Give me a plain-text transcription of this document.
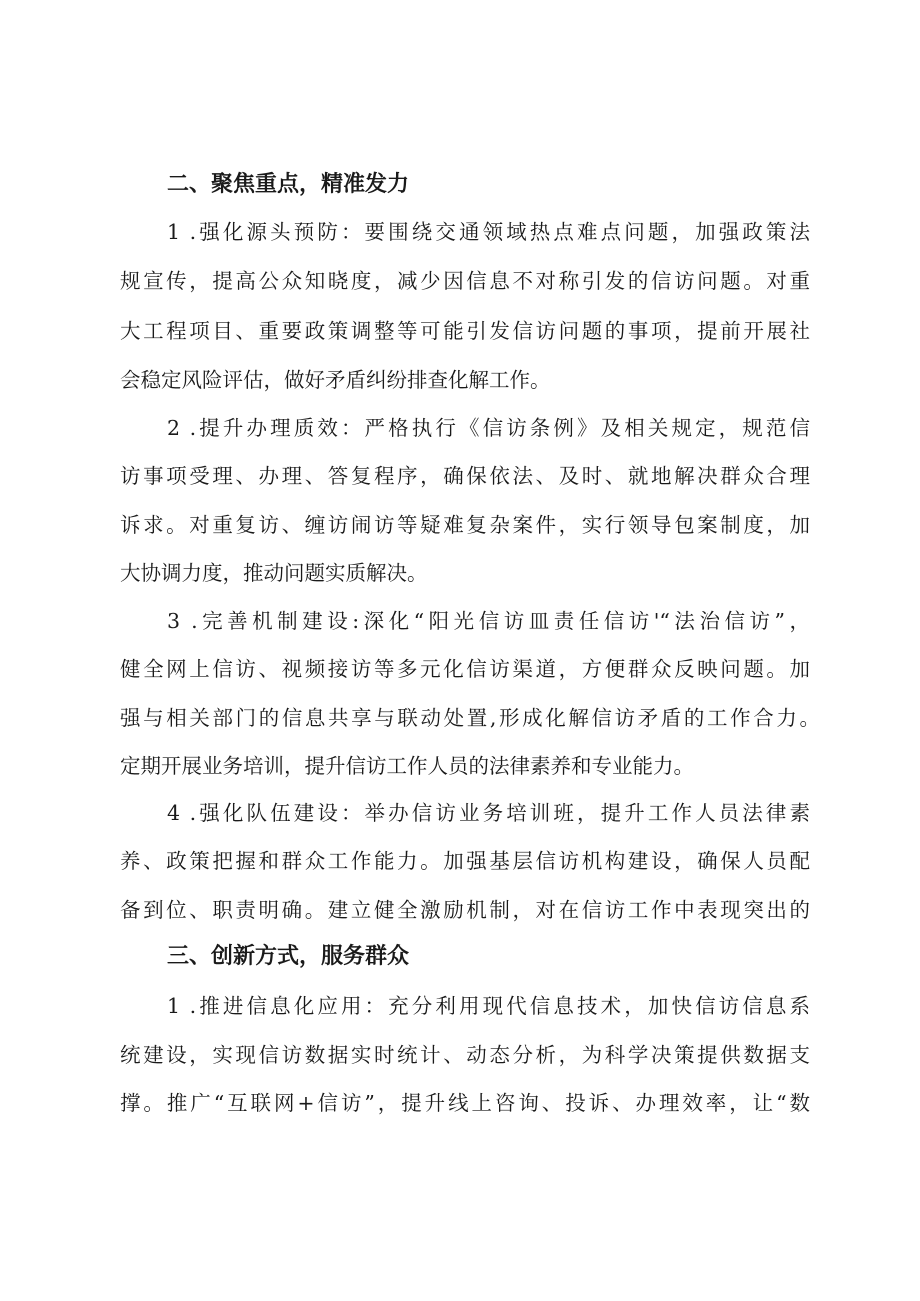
二、聚焦重点，精准发力

1 .强化源头预防：要围绕交通领域热点难点问题，加强政策法

规宣传，提高公众知晓度，减少因信息不对称引发的信访问题。对重

大工程项目、重要政策调整等可能引发信访问题的事项，提前开展社

会稳定风险评估，做好矛盾纠纷排查化解工作。

2 .提升办理质效：严格执行《信访条例》及相关规定，规范信

访事项受理、办理、答复程序，确保依法、及时、就地解决群众合理

诉求。对重复访、缠访闹访等疑难复杂案件，实行领导包案制度，加

大协调力度，推动问题实质解决。

3 .完善机制建设:深化“阳光信访皿责任信访'“法治信访”，

健全网上信访、视频接访等多元化信访渠道，方便群众反映问题。加

强与相关部门的信息共享与联动处置,形成化解信访矛盾的工作合力。

定期开展业务培训，提升信访工作人员的法律素养和专业能力。

4 .强化队伍建设：举办信访业务培训班，提升工作人员法律素

养、政策把握和群众工作能力。加强基层信访机构建设，确保人员配

备到位、职责明确。建立健全激励机制，对在信访工作中表现突出的

三、创新方式，服务群众

1 .推进信息化应用：充分利用现代信息技术，加快信访信息系

统建设，实现信访数据实时统计、动态分析，为科学决策提供数据支

撑。推广“互联网+信访”，提升线上咨询、投诉、办理效率，让“数
